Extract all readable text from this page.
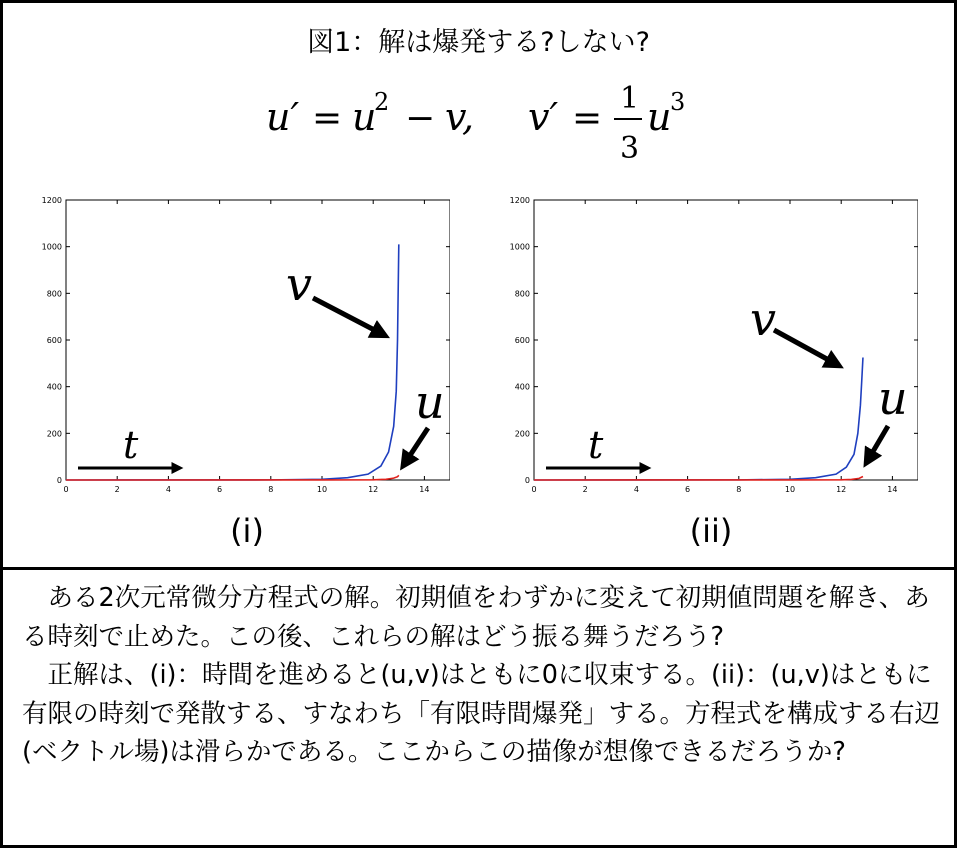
図1：解は爆発する?しない?
u′ = u
2 − v, v′ = 1
3
u
3
0	2	4	6	8	10	12	14
0
200
400
600
800
1000
1200
v
u
t
0	2	4	6	8	10	12	14
0
200
400
600
800
1000
1200
v
u
t
(i)	(ii)

ある2次元常微分方程式の解。初期値をわずかに変えて初期値問題を解き、ある時刻で止めた。この後、これらの解はどう振る舞うだろう?

正解は、(i)：時間を進めると(u,v)はともに0に収束する。(ii)：(u,v)はともに有限の時刻で発散する、すなわち「有限時間爆発」する。方程式を構成する右辺(ベクトル場)は滑らかである。ここからこの描像が想像できるだろうか?
